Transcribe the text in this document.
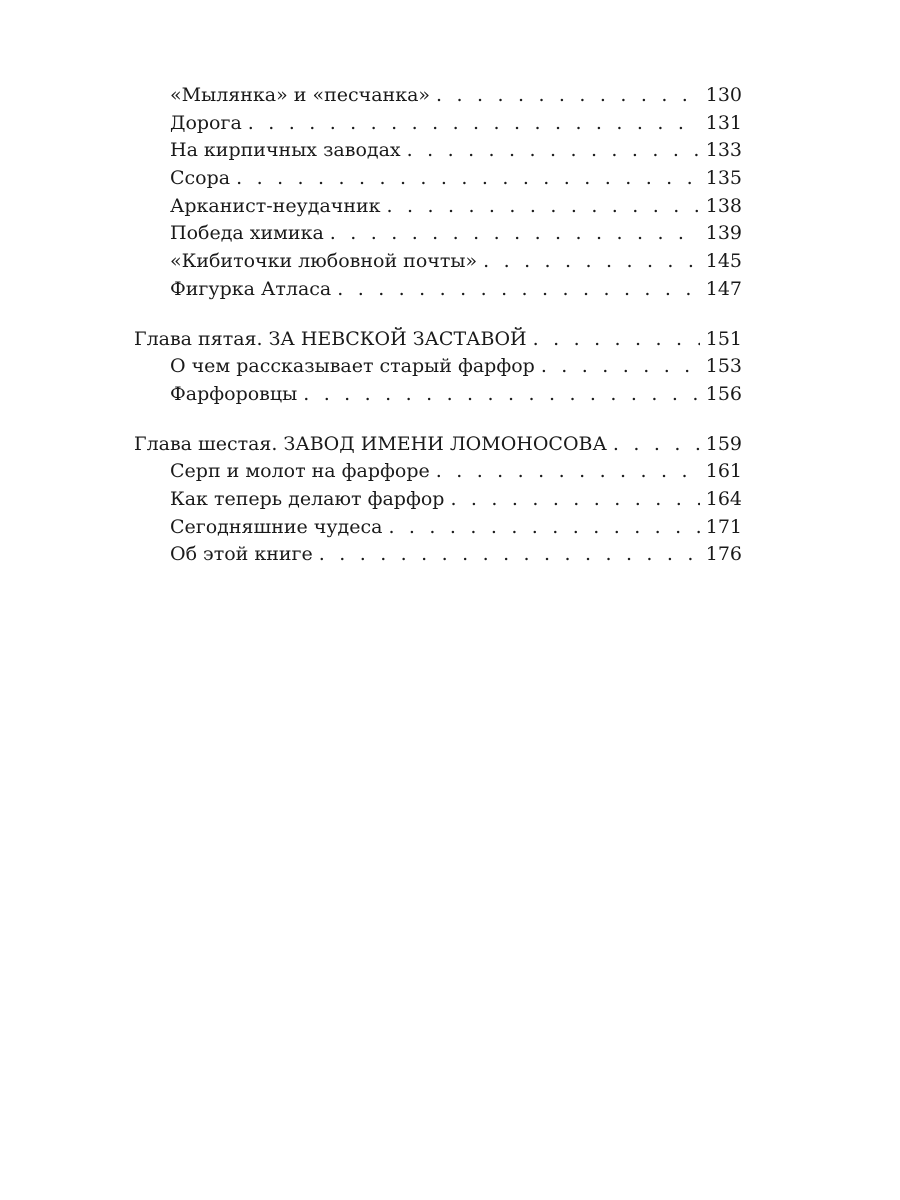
«Мылянка» и «песчанка» . . .	130
Дорога . . .	131
На кирпичных заводах . . .	133
Ссора . . .	135
Арканист-неудачник . . .	138
Победа химика . . .	139
«Кибиточки любовной почты» . . .	145
Фигурка Атласа . . .	147
Глава пятая. ЗА НЕВСКОЙ ЗАСТАВОЙ . . .	151
О чем рассказывает старый фарфор . . .	153
Фарфоровцы . . .	156
Глава шестая. ЗАВОД ИМЕНИ ЛОМОНОСОВА . . .	159
Серп и молот на фарфоре . . .	161
Как теперь делают фарфор . . .	164
Сегодняшние чудеса . . .	171
Об этой книге . . .	176
